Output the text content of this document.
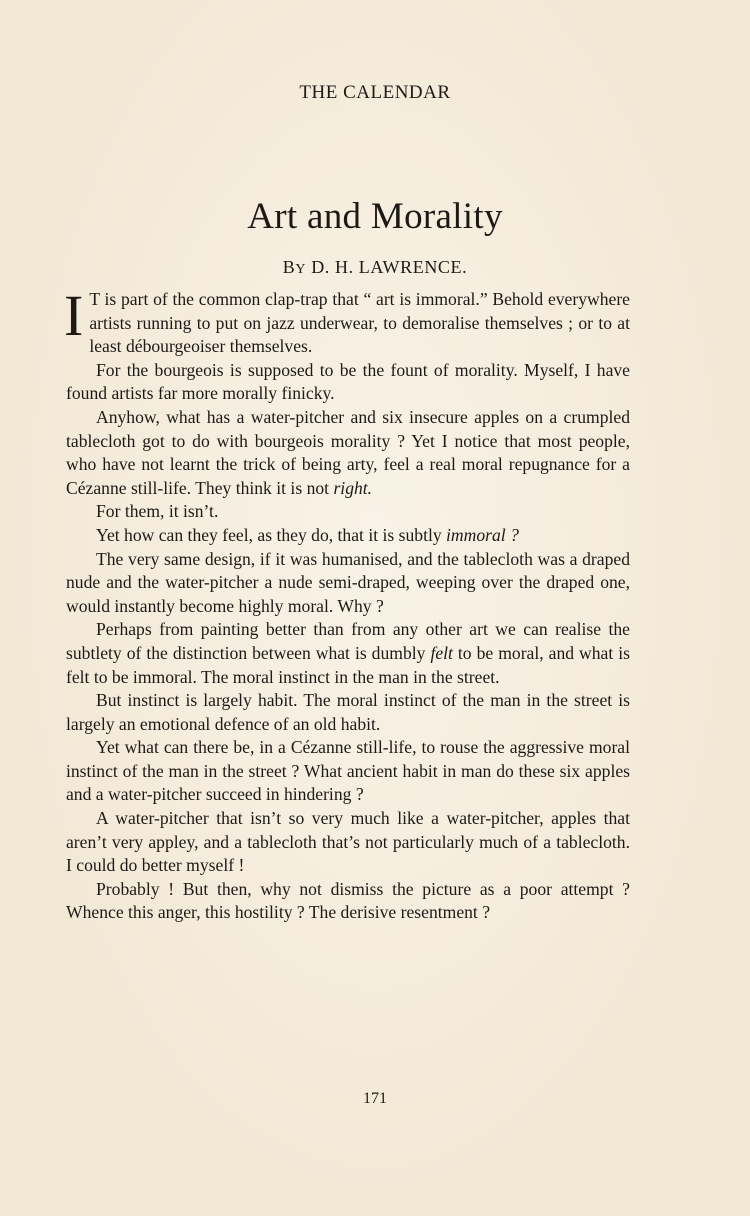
THE CALENDAR
Art and Morality
BY D. H. LAWRENCE.

I T is part of the common clap-trap that “ art is immoral.” Behold everywhere artists running to put on jazz underwear, to demoralise themselves ; or to at least débourgeoiser themselves.

For the bourgeois is supposed to be the fount of morality. Myself, I have found artists far more morally finicky.

Anyhow, what has a water-pitcher and six insecure apples on a crumpled tablecloth got to do with bourgeois morality ? Yet I notice that most people, who have not learnt the trick of being arty, feel a real moral repugnance for a Cézanne still-life. They think it is not right.

For them, it isn’t.

Yet how can they feel, as they do, that it is subtly immoral ?

The very same design, if it was humanised, and the tablecloth was a draped nude and the water-pitcher a nude semi-draped, weeping over the draped one, would instantly become highly moral. Why ?

Perhaps from painting better than from any other art we can realise the subtlety of the distinction between what is dumbly felt to be moral, and what is felt to be immoral. The moral instinct in the man in the street.

But instinct is largely habit. The moral instinct of the man in the street is largely an emotional defence of an old habit.

Yet what can there be, in a Cézanne still-life, to rouse the aggressive moral instinct of the man in the street ? What ancient habit in man do these six apples and a water-pitcher succeed in hindering ?

A water-pitcher that isn’t so very much like a water-pitcher, apples that aren’t very appley, and a tablecloth that’s not particularly much of a tablecloth. I could do better myself !

Probably ! But then, why not dismiss the picture as a poor attempt ? Whence this anger, this hostility ? The derisive resentment ?

171
